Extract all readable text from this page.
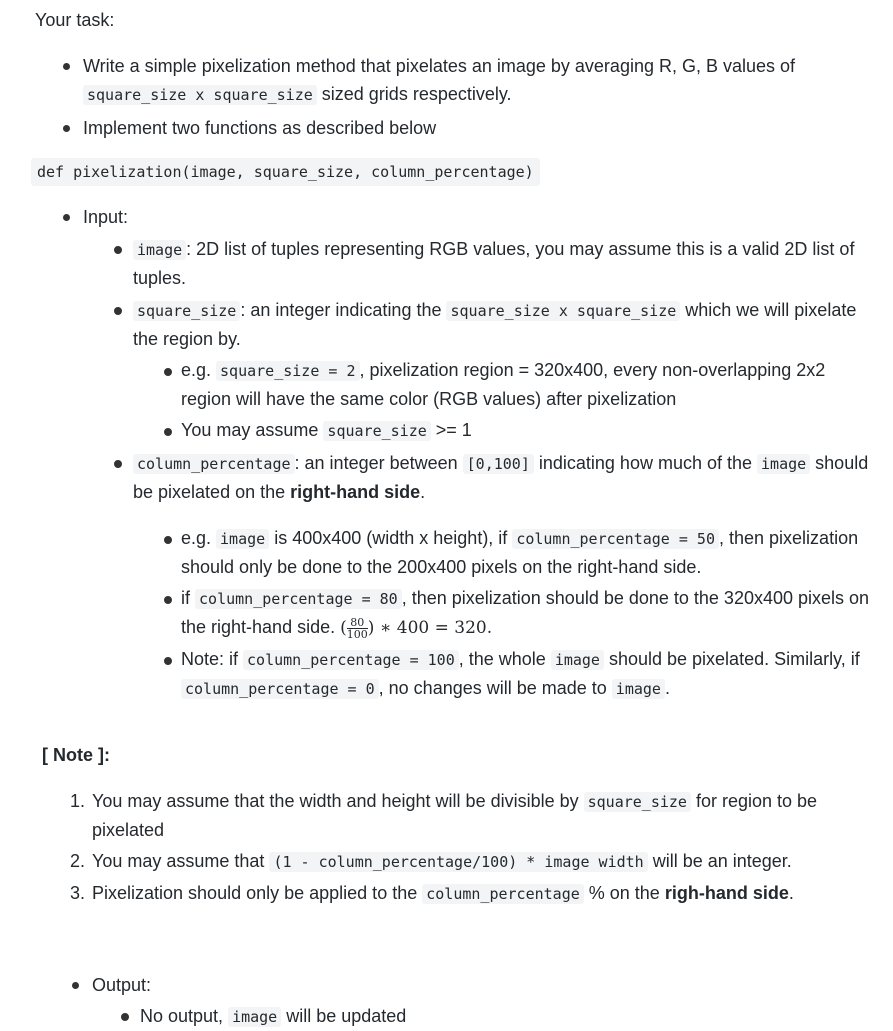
Your task:

Write a simple pixelization method that pixelates an image by averaging R, G, B values of square_size x square_size sized grids respectively.
Implement two functions as described below
def pixelization(image, square_size, column_percentage)
Input:
image : 2D list of tuples representing RGB values, you may assume this is a valid 2D list of tuples.
square_size : an integer indicating the square_size x square_size which we will pixelate the region by.
e.g. square_size = 2 , pixelization region = 320x400, every non-overlapping 2x2 region will have the same color (RGB values) after pixelization
You may assume square_size >= 1
column_percentage : an integer between [0,100] indicating how much of the image should be pixelated on the right-hand side.
e.g. image is 400x400 (width x height), if column_percentage = 50 , then pixelization should only be done to the 200x400 pixels on the right-hand side.
if column_percentage = 80 , then pixelization should be done to the 320x400 pixels on the right-hand side. ( $\frac{80}{100}$ ) ∗ 400 = 320.
Note: if column_percentage = 100 , the whole image should be pixelated. Similarly, if column_percentage = 0 , no changes will be made to image .

[ Note ]:

1. You may assume that the width and height will be divisible by square_size for region to be pixelated
2. You may assume that (1 - column_percentage/100) * image width will be an integer.
3. Pixelization should only be applied to the column_percentage % on the righ-hand side.
Output:
No output, image will be updated
